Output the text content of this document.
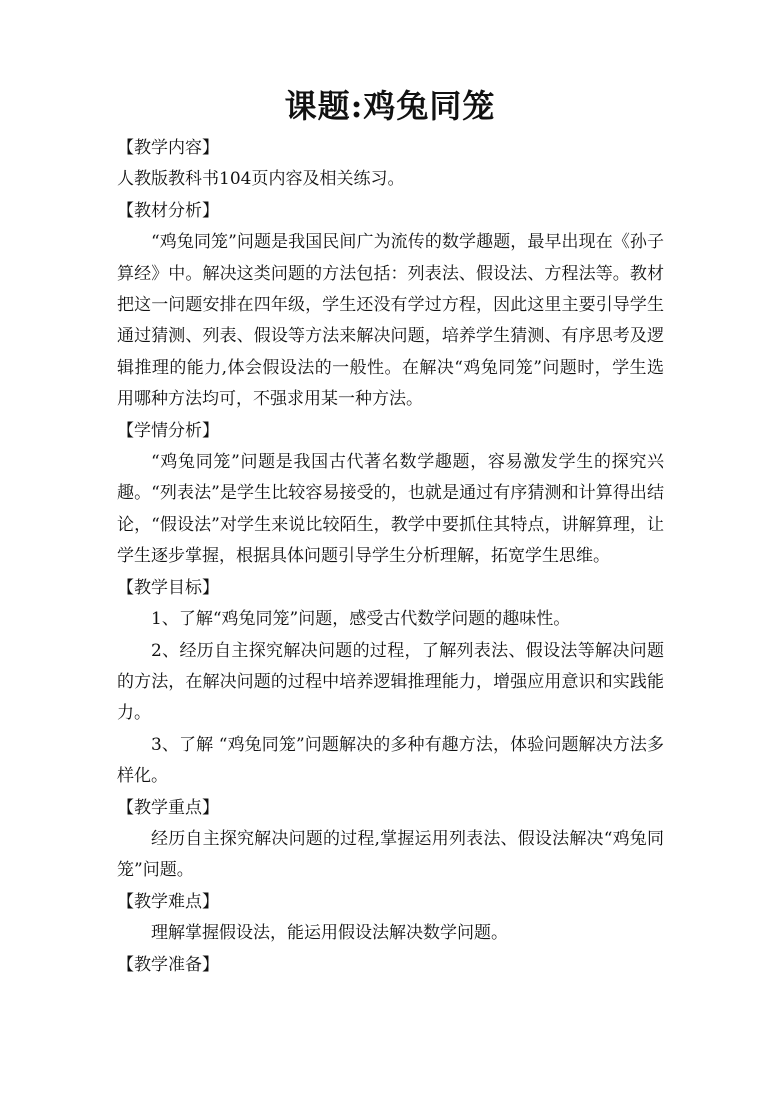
课题:鸡兔同笼

【教学内容】

人教版教科书104页内容及相关练习。

【教材分析】

“鸡兔同笼”问题是我国民间广为流传的数学趣题，最早出现在《孙子算经》中。解决这类问题的方法包括：列表法、假设法、方程法等。教材把这一问题安排在四年级，学生还没有学过方程，因此这里主要引导学生通过猜测、列表、假设等方法来解决问题，培养学生猜测、有序思考及逻辑推理的能力,体会假设法的一般性。在解决“鸡兔同笼”问题时，学生选用哪种方法均可，不强求用某一种方法。

【学情分析】

“鸡兔同笼”问题是我国古代著名数学趣题，容易激发学生的探究兴趣。“列表法”是学生比较容易接受的，也就是通过有序猜测和计算得出结论，“假设法”对学生来说比较陌生，教学中要抓住其特点，讲解算理，让学生逐步掌握，根据具体问题引导学生分析理解，拓宽学生思维。

【教学目标】

1、了解“鸡兔同笼”问题，感受古代数学问题的趣味性。

2、经历自主探究解决问题的过程，了解列表法、假设法等解决问题的方法，在解决问题的过程中培养逻辑推理能力，增强应用意识和实践能力。

3、了解 “鸡兔同笼”问题解决的多种有趣方法，体验问题解决方法多样化。

【教学重点】

经历自主探究解决问题的过程,掌握运用列表法、假设法解决“鸡兔同笼”问题。

【教学难点】

理解掌握假设法，能运用假设法解决数学问题。

【教学准备】
